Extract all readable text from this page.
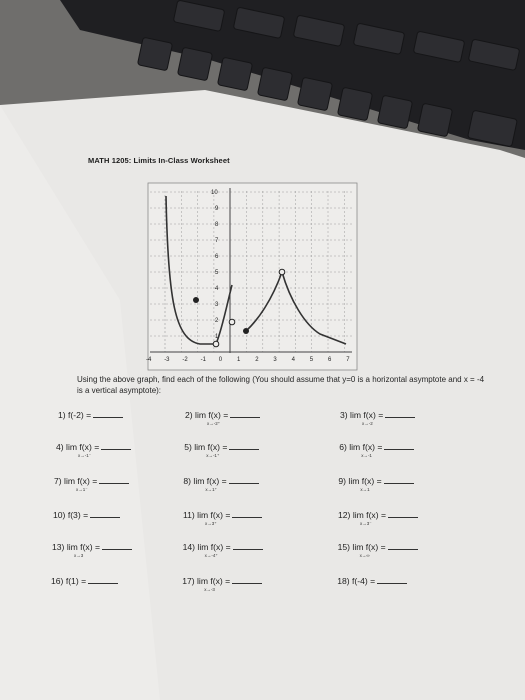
MATH 1205: Limits In-Class Worksheet
-4 -3 -2 -1 0 1 2 3 4 5 6 7
10
9
8
7
6
5
4
3
2
1
Using the above graph, find each of the following (You should assume that y=0 is a horizontal asymptote and x = -4 is a vertical asymptote):
1) f(-2) =	2) lim f(x) =
x→-2⁺
3) lim f(x) =
x→-2
4) lim f(x) =
x→-1⁻
5) lim f(x) =
x→-1⁺
6) lim f(x) =
x→-1
7) lim f(x) =
x→1⁻
8) lim f(x) =
x→1⁺
9) lim f(x) =
x→1
10) f(3) =	11) lim f(x) =
x→3⁺
12) lim f(x) =
x→3⁻
13) lim f(x) =
x→3
14) lim f(x) =
x→-4⁺
15) lim f(x) =
x→∞
16) f(1) =	17) lim f(x) =
x→-3
18) f(-4) =
